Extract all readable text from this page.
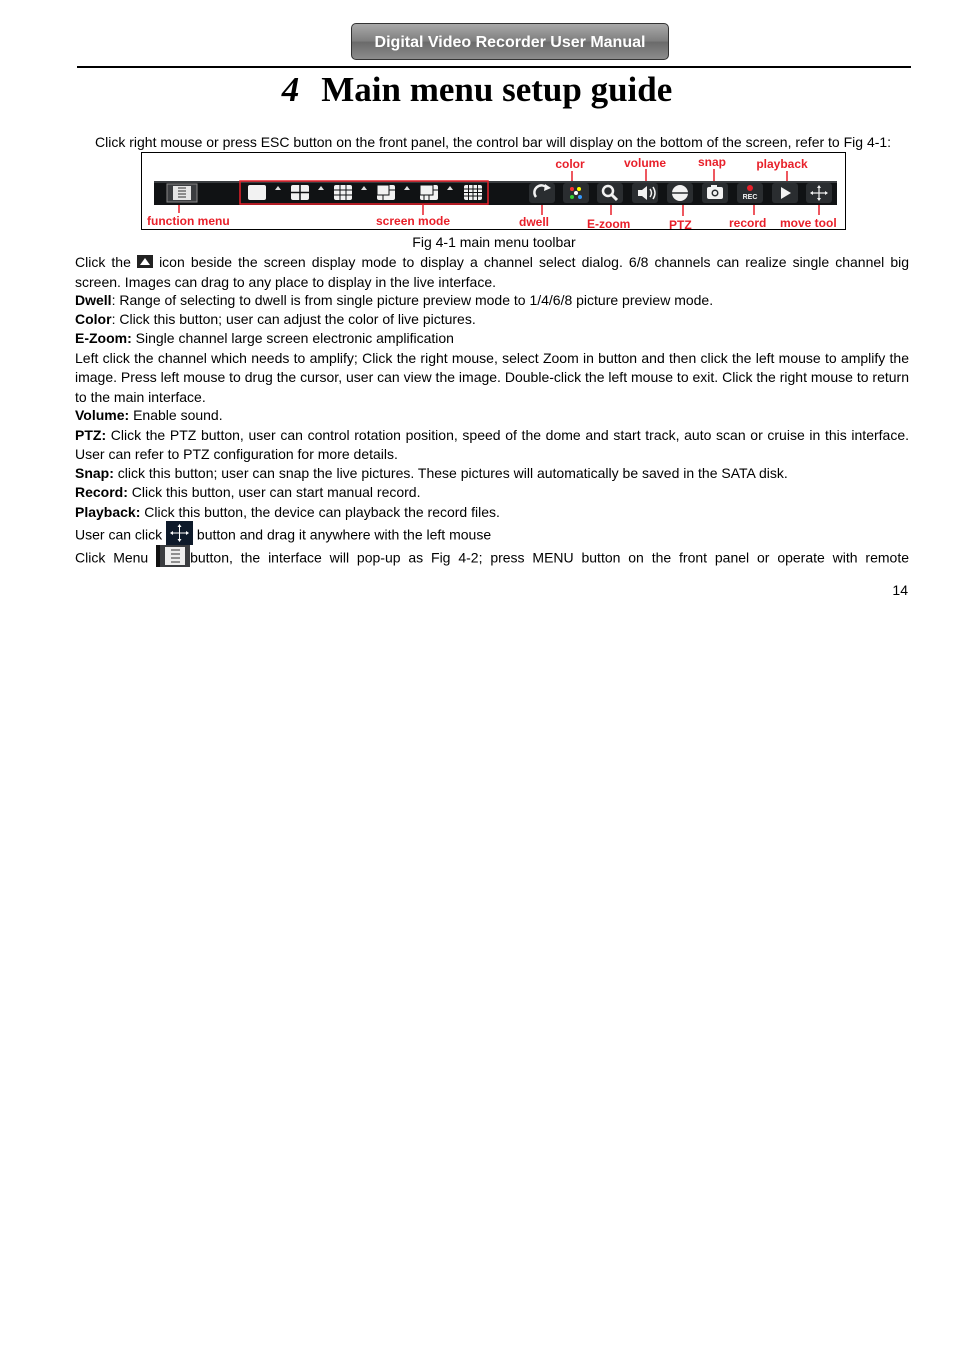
Digital Video Recorder User Manual
4 Main menu setup guide
Click right mouse or press ESC button on the front panel, the control bar will display on the bottom of the screen, refer to Fig 4-1:
REC
color	volume	snap	playback
function menu	screen mode	dwell	E-zoom	PTZ	record move tool
Fig 4-1 main menu toolbar
Click the icon beside the screen display mode to display a channel select dialog. 6/8 channels can realize single channel big screen. Images can drag to any place to display in the live interface.
Dwell: Range of selecting to dwell is from single picture preview mode to 1/4/6/8 picture preview mode.
Color: Click this button; user can adjust the color of live pictures.
E-Zoom: Single channel large screen electronic amplification
Left click the channel which needs to amplify; Click the right mouse, select Zoom in button and then click the left mouse to amplify the image. Press left mouse to drug the cursor, user can view the image. Double-click the left mouse to exit. Click the right mouse to return to the main interface.
Volume: Enable sound.
PTZ: Click the PTZ button, user can control rotation position, speed of the dome and start track, auto scan or cruise in this interface. User can refer to PTZ configuration for more details.
Snap: click this button; user can snap the live pictures. These pictures will automatically be saved in the SATA disk.
Record: Click this button, user can start manual record.
Playback: Click this button, the device can playback the record files.
User can click button and drag it anywhere with the left mouse
Click Menu	button, the interface will pop-up as Fig 4-2; press MENU button on the front panel or operate with remote
14
